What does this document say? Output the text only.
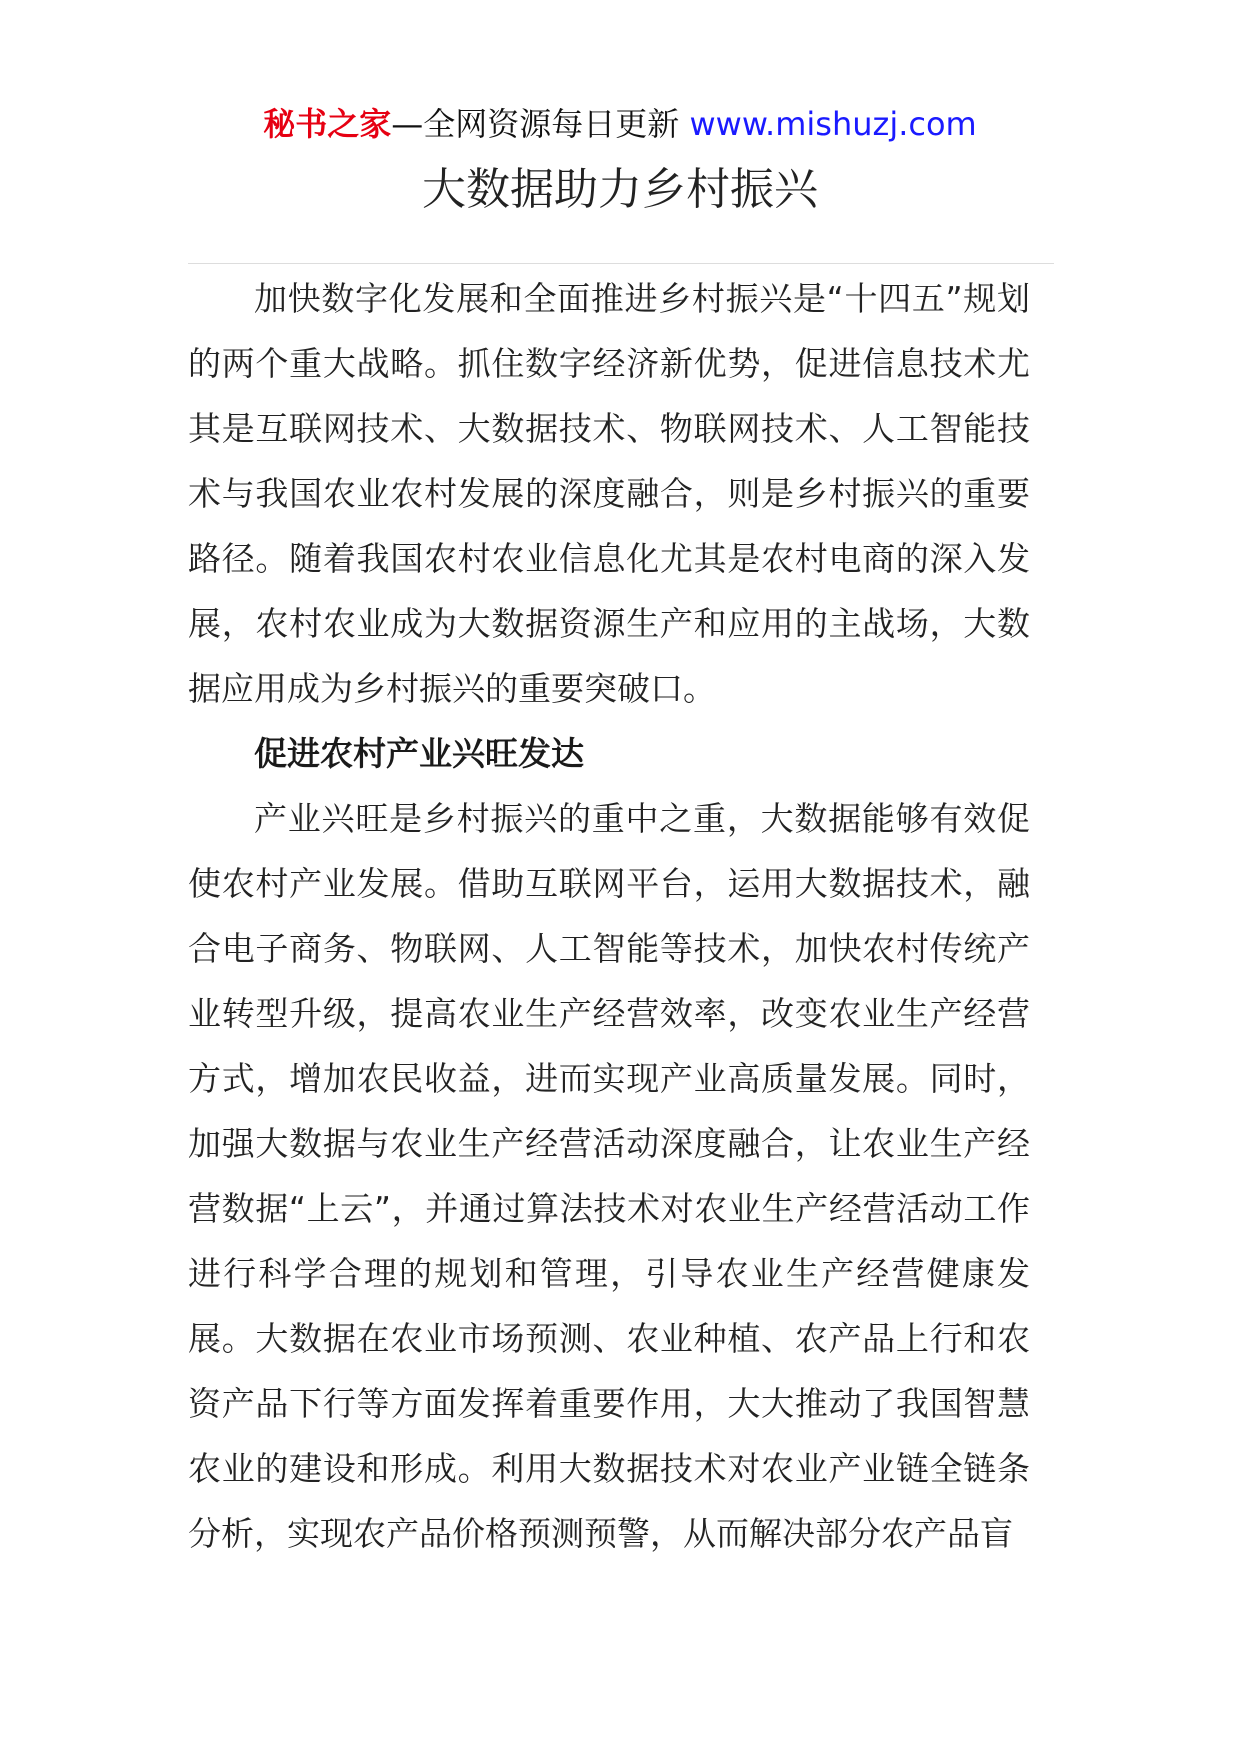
秘书之家—全网资源每日更新 www.mishuzj.com
大数据助力乡村振兴

加快数字化发展和全面推进乡村振兴是“十四五”规划的两个重大战略。抓住数字经济新优势，促进信息技术尤其是互联网技术、大数据技术、物联网技术、人工智能技术与我国农业农村发展的深度融合，则是乡村振兴的重要路径。随着我国农村农业信息化尤其是农村电商的深入发展，农村农业成为大数据资源生产和应用的主战场，大数据应用成为乡村振兴的重要突破口。

促进农村产业兴旺发达

产业兴旺是乡村振兴的重中之重，大数据能够有效促使农村产业发展。借助互联网平台，运用大数据技术，融合电子商务、物联网、人工智能等技术，加快农村传统产业转型升级，提高农业生产经营效率，改变农业生产经营方式，增加农民收益，进而实现产业高质量发展。同时，加强大数据与农业生产经营活动深度融合，让农业生产经营数据“上云”，并通过算法技术对农业生产经营活动工作进行科学合理的规划和管理，引导农业生产经营健康发展。大数据在农业市场预测、农业种植、农产品上行和农资产品下行等方面发挥着重要作用，大大推动了我国智慧农业的建设和形成。利用大数据技术对农业产业链全链条分析，实现农产品价格预测预警，从而解决部分农产品盲
